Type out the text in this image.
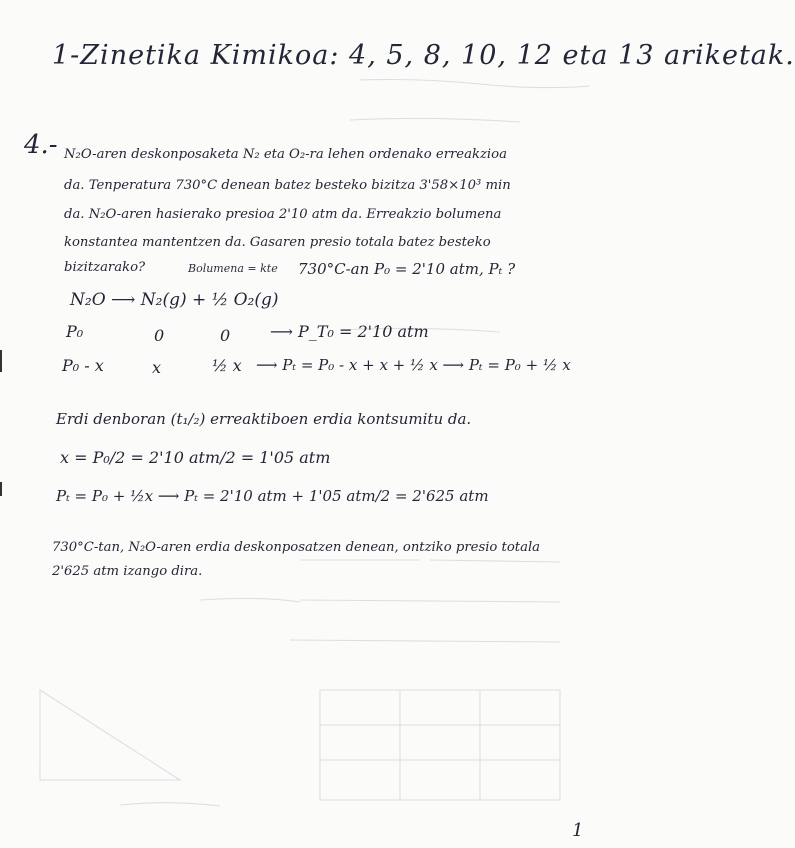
1-Zinetika Kimikoa: 4, 5, 8, 10, 12 eta 13 ariketak.
4.- N₂O-aren deskonposaketa N₂ eta O₂-ra lehen ordenako erreakzioa
da. Tenperatura 730°C denean batez besteko bizitza 3'58×10³ min
da. N₂O-aren hasierako presioa 2'10 atm da. Erreakzio bolumena
konstantea mantentzen da. Gasaren presio totala batez besteko
bizitzarako?	Bolumena = kte 730°C-an P₀ = 2'10 atm, Pₜ ?
N₂O ⟶ N₂(g) + ½ O₂(g)
P₀	0	0 ⟶ P_T₀ = 2'10 atm
P₀ - x	x	½ x ⟶ Pₜ = P₀ - x + x + ½ x ⟶ Pₜ = P₀ + ½ x
Erdi denboran (t₁/₂) erreaktiboen erdia kontsumitu da.
x = P₀/2 = 2'10 atm/2 = 1'05 atm
Pₜ = P₀ + ½x ⟶ Pₜ = 2'10 atm + 1'05 atm/2 = 2'625 atm
730°C-tan, N₂O-aren erdia deskonposatzen denean, ontziko presio totala
2'625 atm izango dira.
1
